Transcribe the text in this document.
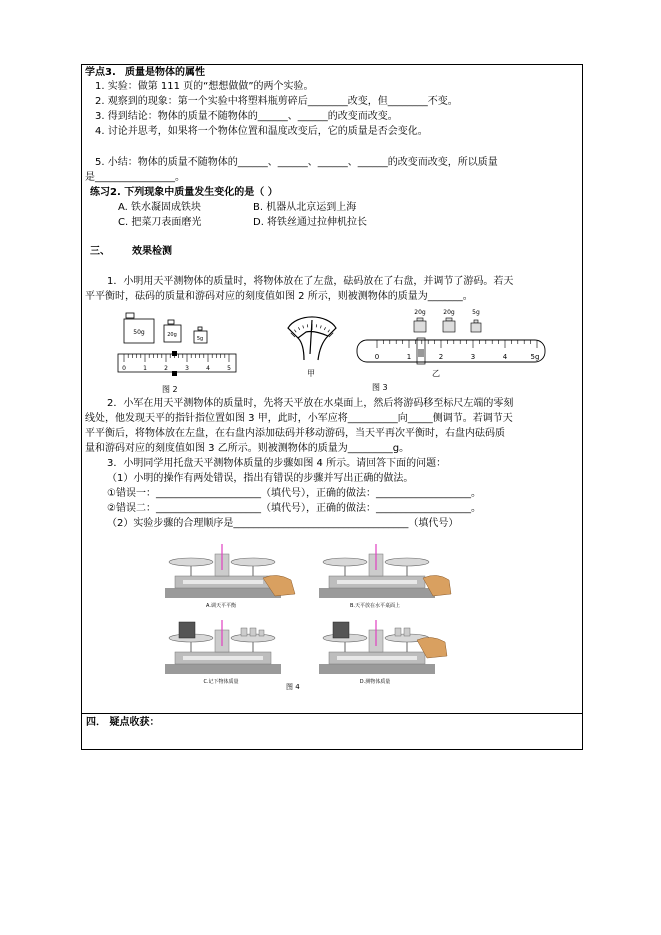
学点3. 质量是物体的属性
1. 实验：做第 111 页的“想想做做”的两个实验。
2. 观察到的现象：第一个实验中将塑料瓶剪碎后________改变，但________不变。
3. 得到结论：物体的质量不随物体的______、______的改变而改变。
4. 讨论并思考，如果将一个物体位置和温度改变后，它的质量是否会变化。
5. 小结：物体的质量不随物体的______、______、______、______的改变而改变，所以质量
是________________。
练习2. 下列现象中质量发生变化的是（ ）
A. 铁水凝固成铁块	B. 机器从北京运到上海
C. 把菜刀表面磨光	D. 将铁丝通过拉伸机拉长
三、 效果检测
1．小明用天平测物体的质量时，将物体放在了左盘，砝码放在了右盘，并调节了游码。若天
平平衡时，砝码的质量和游码对应的刻度值如图 2 所示，则被测物体的质量为_______。
50g	20g
5g
0	1	2	3	4	5
图 2
甲
20g	20g	5g
0	1	2	3	4	5g
乙
图 3
2．小军在用天平测物体的质量时，先将天平放在水桌面上，然后将游码移至标尺左端的零刻
线处，他发现天平的指针指位置如图 3 甲，此时，小军应将__________向_____侧调节。若调节天
平平衡后，将物体放在左盘，在右盘内添加砝码并移动游码，当天平再次平衡时，右盘内砝码质
量和游码对应的刻度值如图 3 乙所示。则被测物体的质量为_________g。
3．小明同学用托盘天平测物体质量的步骤如图 4 所示。请回答下面的问题：
（1）小明的操作有两处错误，指出有错误的步骤并写出正确的做法。
①错误一：_____________________（填代号），正确的做法：___________________。
②错误二：_____________________（填代号），正确的做法：___________________。
（2）实验步骤的合理顺序是___________________________________（填代号）
A.调天平平衡	B.天平放在水平桌面上
C.记下物体质量	D.测物体质量
图 4
四． 疑点收获：
